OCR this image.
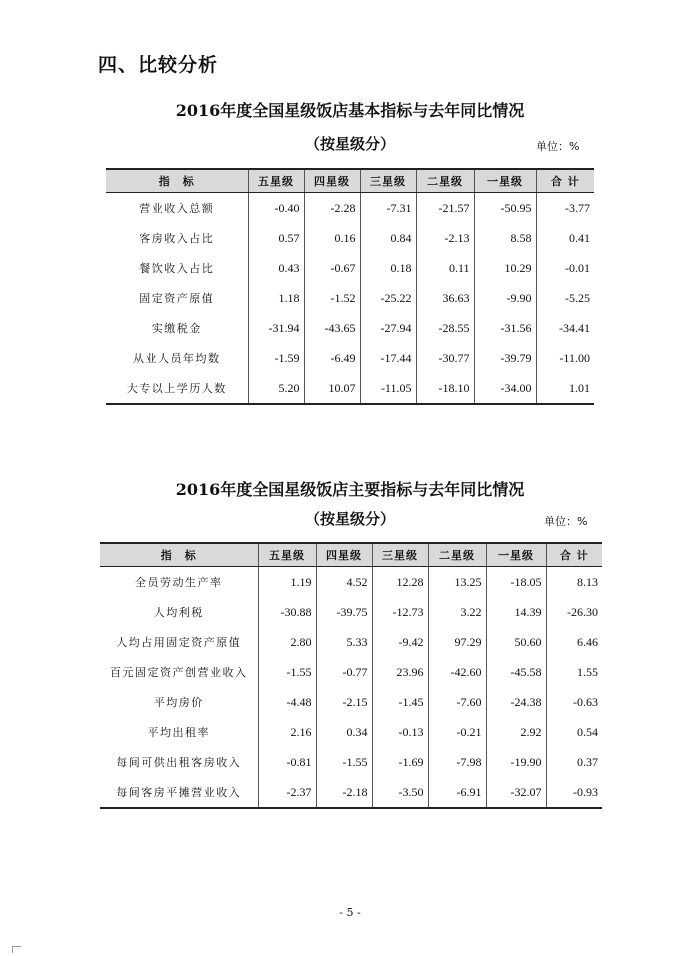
四、比较分析
2016年度全国星级饭店基本指标与去年同比情况
（按星级分）	单位：%
指　标	五星级	四星级	三星级	二星级	一星级	合 计
营业收入总额	-0.40	-2.28	-7.31	-21.57	-50.95	-3.77
客房收入占比	0.57	0.16	0.84	-2.13	8.58	0.41
餐饮收入占比	0.43	-0.67	0.18	0.11	10.29	-0.01
固定资产原值	1.18	-1.52	-25.22	36.63	-9.90	-5.25
实缴税金	-31.94	-43.65	-27.94	-28.55	-31.56	-34.41
从业人员年均数	-1.59	-6.49	-17.44	-30.77	-39.79	-11.00
大专以上学历人数	5.20	10.07	-11.05	-18.10	-34.00	1.01
2016年度全国星级饭店主要指标与去年同比情况
（按星级分）	单位：%
指　标	五星级	四星级	三星级	二星级	一星级	合 计
全员劳动生产率	1.19	4.52	12.28	13.25	-18.05	8.13
人均利税	-30.88	-39.75	-12.73	3.22	14.39	-26.30
人均占用固定资产原值	2.80	5.33	-9.42	97.29	50.60	6.46
百元固定资产创营业收入	-1.55	-0.77	23.96	-42.60	-45.58	1.55
平均房价	-4.48	-2.15	-1.45	-7.60	-24.38	-0.63
平均出租率	2.16	0.34	-0.13	-0.21	2.92	0.54
每间可供出租客房收入	-0.81	-1.55	-1.69	-7.98	-19.90	0.37
每间客房平摊营业收入	-2.37	-2.18	-3.50	-6.91	-32.07	-0.93
- 5 -
